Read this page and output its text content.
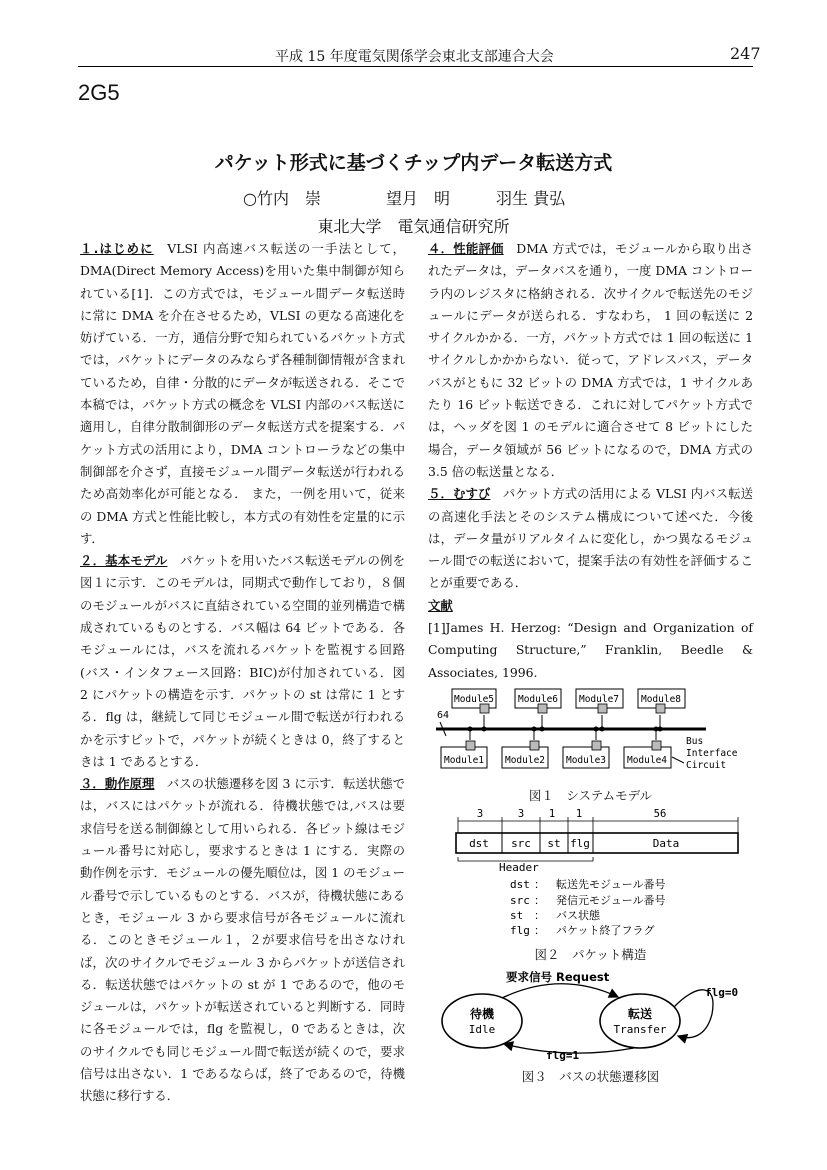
平成 15 年度電気関係学会東北支部連合大会	247
2G5
パケット形式に基づくチップ内データ転送方式
○竹内　崇	望月　明	羽生 貴弘
東北大学　電気通信研究所

１.はじめに　VLSI 内高速バス転送の一手法として，DMA(Direct Memory Access)を用いた集中制御が知られている[1]．この方式では，モジュール間データ転送時に常に DMA を介在させるため，VLSI の更なる高速化を妨げている．一方，通信分野で知られているパケット方式では，パケットにデータのみならず各種制御情報が含まれているため，自律・分散的にデータが転送される．そこで本稿では，パケット方式の概念を VLSI 内部のバス転送に適用し，自律分散制御形のデータ転送方式を提案する．パケット方式の活用により，DMA コントローラなどの集中制御部を介さず，直接モジュール間データ転送が行われるため高効率化が可能となる． また，一例を用いて，従来の DMA 方式と性能比較し，本方式の有効性を定量的に示す．

２．基本モデル　パケットを用いたバス転送モデルの例を図１に示す．このモデルは，同期式で動作しており，８個のモジュールがバスに直結されている空間的並列構造で構成されているものとする．バス幅は 64 ビットである．各モジュールには，バスを流れるパケットを監視する回路(バス・インタフェース回路：BIC)が付加されている．図 2 にパケットの構造を示す．パケットの st は常に 1 とする．flg は，継続して同じモジュール間で転送が行われるかを示すビットで，パケットが続くときは 0，終了するときは 1 であるとする．

３．動作原理　バスの状態遷移を図 3 に示す．転送状態では，バスにはパケットが流れる．待機状態では,バスは要求信号を送る制御線として用いられる．各ビット線はモジュール番号に対応し，要求するときは 1 にする．実際の動作例を示す．モジュールの優先順位は，図 1 のモジュール番号で示しているものとする．バスが，待機状態にあるとき，モジュール 3 から要求信号が各モジュールに流れる．このときモジュール１，２が要求信号を出さなければ，次のサイクルでモジュール 3 からパケットが送信される．転送状態ではパケットの st が 1 であるので，他のモジュールは，パケットが転送されていると判断する．同時に各モジュールでは，flg を監視し，0 であるときは，次のサイクルでも同じモジュール間で転送が続くので，要求信号は出さない．1 であるならば，終了であるので，待機状態に移行する．

４．性能評価　DMA 方式では，モジュールから取り出されたデータは，データバスを通り，一度 DMA コントローラ内のレジスタに格納される．次サイクルで転送先のモジュールにデータが送られる．すなわち， 1 回の転送に 2 サイクルかかる．一方，パケット方式では 1 回の転送に 1 サイクルしかかからない．従って，アドレスバス，データバスがともに 32 ビットの DMA 方式では，1 サイクルあたり 16 ビット転送できる．これに対してパケット方式では，ヘッダを図 1 のモデルに適合させて 8 ビットにした場合，データ領域が 56 ビットになるので，DMA 方式の 3.5 倍の転送量となる．

５．むすび　パケット方式の活用による VLSI 内バス転送の高速化手法とそのシステム構成について述べた．今後は，データ量がリアルタイムに変化し，かつ異なるモジュール間での転送において，提案手法の有効性を評価することが重要である．

文献

[1]James H. Herzog: “Design and Organization of Computing Structure,” Franklin, Beedle & Associates, 1996.

Module5	Module6 Module7 Module8
Module1 Module2 Module3 Module4
64
Bus
Interface
Circuit
図１　システムモデル
3	3 1 1	56
dst src st flg	Data
Header
dst ： 転送先モジュール番号
src ： 発信元モジュール番号
st ： バス状態
flg ： パケット終了フラグ
図２　パケット構造
要求信号 Request
待機
Idle
転送
Transfer
flg=0
flg=1
図３　バスの状態遷移図
